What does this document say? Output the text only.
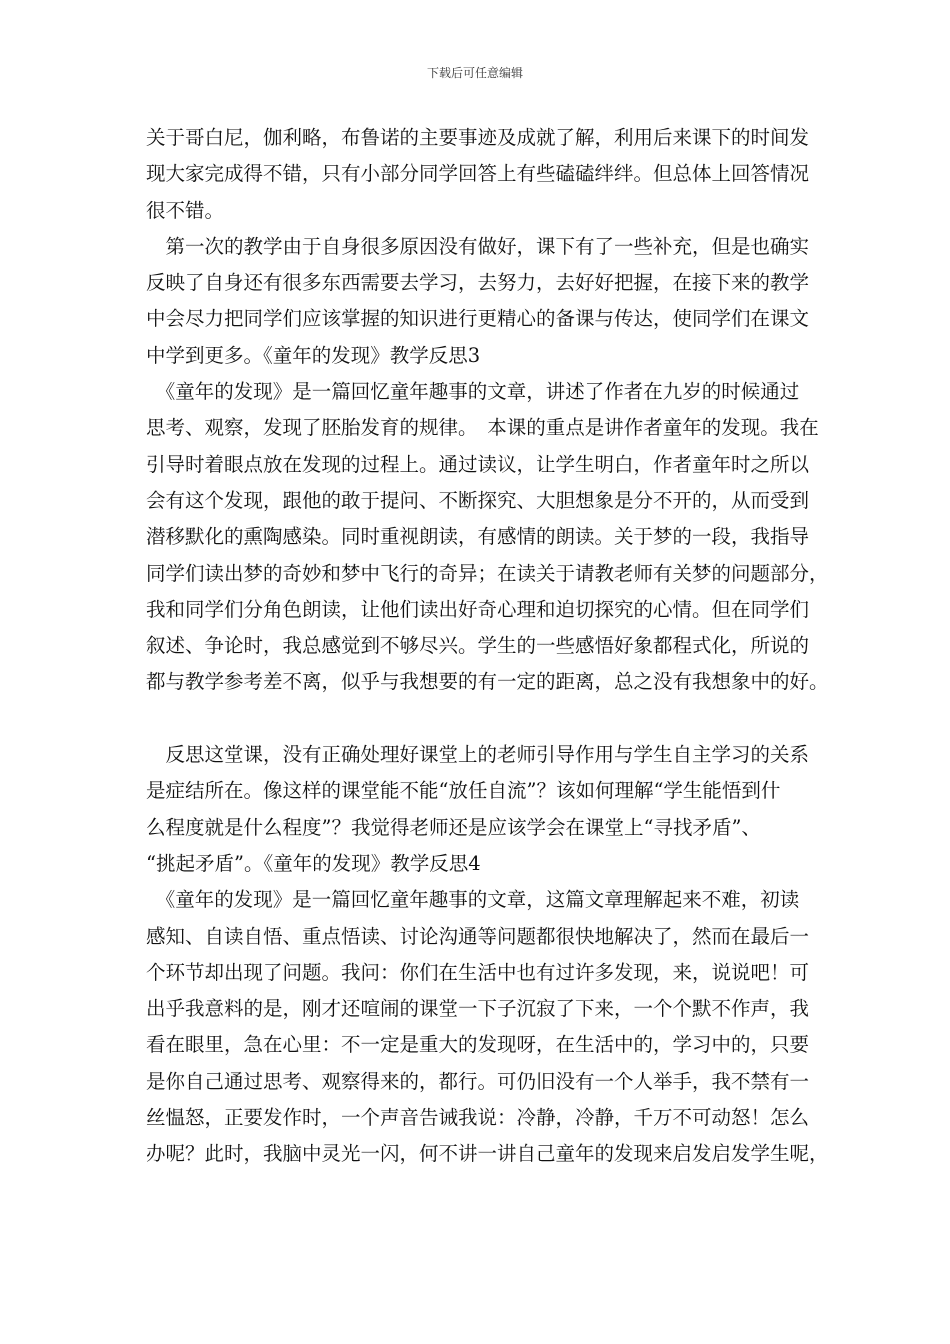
下载后可任意编辑
关于哥白尼，伽利略，布鲁诺的主要事迹及成就了解，利用后来课下的时间发
现大家完成得不错，只有小部分同学回答上有些磕磕绊绊。但总体上回答情况
很不错。
　第一次的教学由于自身很多原因没有做好，课下有了一些补充，但是也确实
反映了自身还有很多东西需要去学习，去努力，去好好把握，在接下来的教学
中会尽力把同学们应该掌握的知识进行更精心的备课与传达，使同学们在课文
中学到更多。《童年的发现》教学反思3
　《童年的发现》是一篇回忆童年趣事的文章，讲述了作者在九岁的时候通过
思考、观察，发现了胚胎发育的规律。　本课的重点是讲作者童年的发现。我在
引导时着眼点放在发现的过程上。通过读议，让学生明白，作者童年时之所以
会有这个发现，跟他的敢于提问、不断探究、大胆想象是分不开的，从而受到
潜移默化的熏陶感染。同时重视朗读，有感情的朗读。关于梦的一段，我指导
同学们读出梦的奇妙和梦中飞行的奇异；在读关于请教老师有关梦的问题部分，
我和同学们分角色朗读，让他们读出好奇心理和迫切探究的心情。但在同学们
叙述、争论时，我总感觉到不够尽兴。学生的一些感悟好象都程式化，所说的
都与教学参考差不离，似乎与我想要的有一定的距离，总之没有我想象中的好。
　反思这堂课，没有正确处理好课堂上的老师引导作用与学生自主学习的关系
是症结所在。像这样的课堂能不能“放任自流”？该如何理解“学生能悟到什
么程度就是什么程度”？我觉得老师还是应该学会在课堂上“寻找矛盾”、
“挑起矛盾”。《童年的发现》教学反思4
　《童年的发现》是一篇回忆童年趣事的文章，这篇文章理解起来不难，初读
感知、自读自悟、重点悟读、讨论沟通等问题都很快地解决了，然而在最后一
个环节却出现了问题。我问：你们在生活中也有过许多发现，来，说说吧！可
出乎我意料的是，刚才还喧闹的课堂一下子沉寂了下来，一个个默不作声，我
看在眼里，急在心里：不一定是重大的发现呀，在生活中的，学习中的，只要
是你自己通过思考、观察得来的，都行。可仍旧没有一个人举手，我不禁有一
丝愠怒，正要发作时，一个声音告诫我说：冷静，冷静，千万不可动怒！怎么
办呢？此时，我脑中灵光一闪，何不讲一讲自己童年的发现来启发启发学生呢，
